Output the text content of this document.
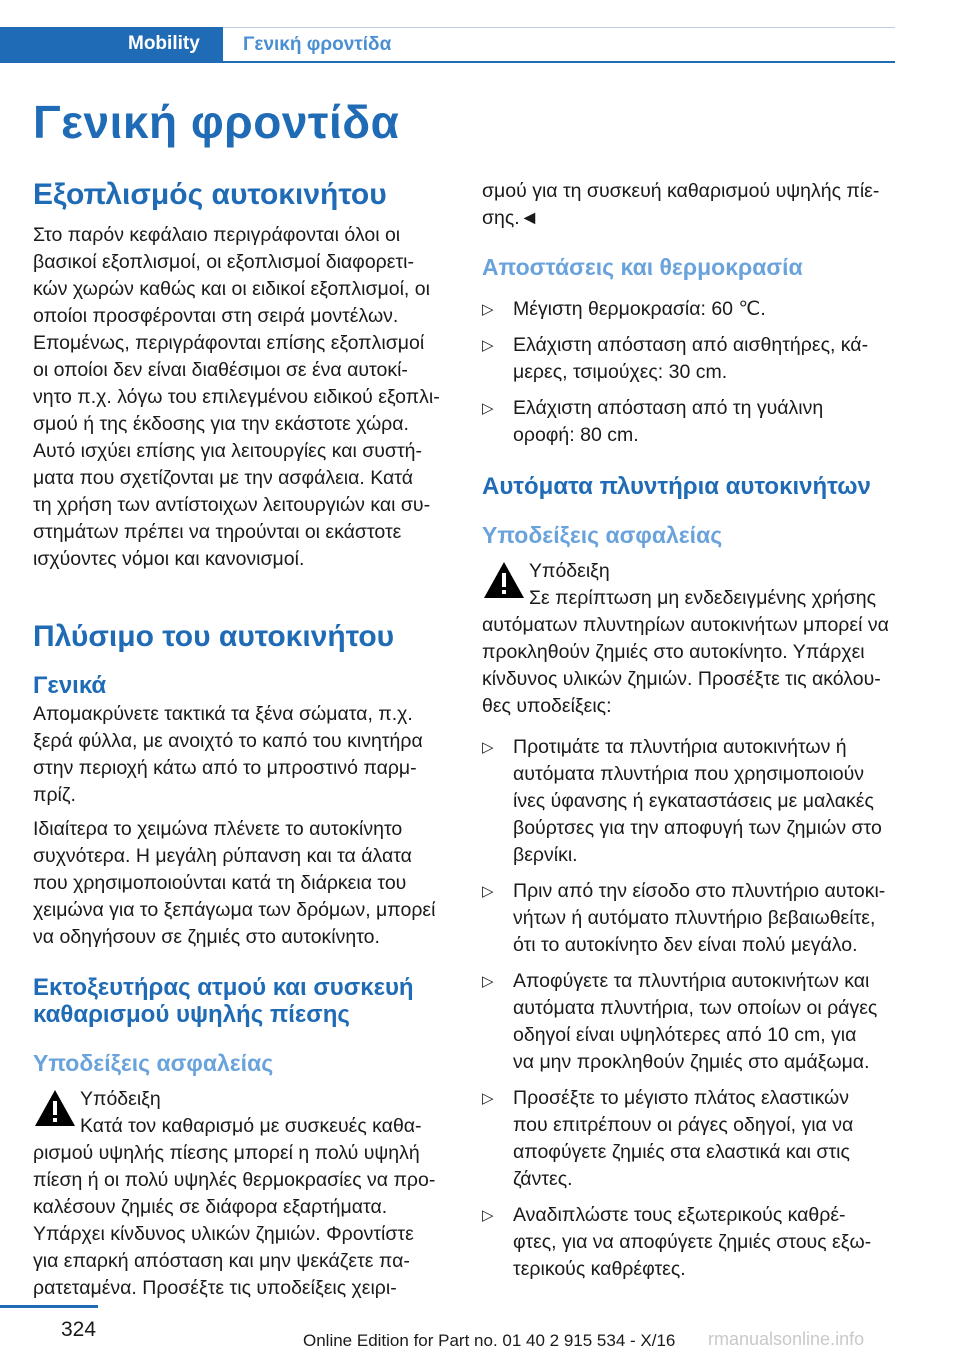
Mobility	Γενική φροντίδα
Γενική φροντίδα
Εξοπλισμός αυτοκινήτου
Στο παρόν κεφάλαιο περιγράφονται όλοι οι
βασικοί εξοπλισμοί, οι εξοπλισμοί διαφορετι‐
κών χωρών καθώς και οι ειδικοί εξοπλισμοί, οι
οποίοι προσφέρονται στη σειρά μοντέλων.
Επομένως, περιγράφονται επίσης εξοπλισμοί
οι οποίοι δεν είναι διαθέσιμοι σε ένα αυτοκί‐
νητο π.χ. λόγω του επιλεγμένου ειδικού εξοπλι‐
σμού ή της έκδοσης για την εκάστοτε χώρα.
Αυτό ισχύει επίσης για λειτουργίες και συστή‐
ματα που σχετίζονται με την ασφάλεια. Κατά
τη χρήση των αντίστοιχων λειτουργιών και συ‐
στημάτων πρέπει να τηρούνται οι εκάστοτε
ισχύοντες νόμοι και κανονισμοί.
Πλύσιμο του αυτοκινήτου
Γενικά
Απομακρύνετε τακτικά τα ξένα σώματα, π.χ.
ξερά φύλλα, με ανοιχτό το καπό του κινητήρα
στην περιοχή κάτω από το μπροστινό παρμ‐
πρίζ.
Ιδιαίτερα το χειμώνα πλένετε το αυτοκίνητο
συχνότερα. Η μεγάλη ρύπανση και τα άλατα
που χρησιμοποιούνται κατά τη διάρκεια του
χειμώνα για το ξεπάγωμα των δρόμων, μπορεί
να οδηγήσουν σε ζημιές στο αυτοκίνητο.
Εκτοξευτήρας ατμού και συσκευή
καθαρισμού υψηλής πίεσης
Υποδείξεις ασφαλείας
Υπόδειξη
Κατά τον καθαρισμό με συσκευές καθα‐
ρισμού υψηλής πίεσης μπορεί η πολύ υψηλή
πίεση ή οι πολύ υψηλές θερμοκρασίες να προ‐
καλέσουν ζημιές σε διάφορα εξαρτήματα.
Υπάρχει κίνδυνος υλικών ζημιών. Φροντίστε
για επαρκή απόσταση και μην ψεκάζετε πα‐
ρατεταμένα. Προσέξτε τις υποδείξεις χειρι‐
σμού για τη συσκευή καθαρισμού υψηλής πίε‐
σης.◄
Αποστάσεις και θερμοκρασία
▷ Μέγιστη θερμοκρασία: 60 ℃.
▷ Ελάχιστη απόσταση από αισθητήρες, κά‐
μερες, τσιμούχες: 30 cm.
▷ Ελάχιστη απόσταση από τη γυάλινη
οροφή: 80 cm.
Αυτόματα πλυντήρια αυτοκινήτων
Υποδείξεις ασφαλείας
Υπόδειξη
Σε περίπτωση μη ενδεδειγμένης χρήσης
αυτόματων πλυντηρίων αυτοκινήτων μπορεί να
προκληθούν ζημιές στο αυτοκίνητο. Υπάρχει
κίνδυνος υλικών ζημιών. Προσέξτε τις ακόλου‐
θες υποδείξεις:
▷ Προτιμάτε τα πλυντήρια αυτοκινήτων ή
αυτόματα πλυντήρια που χρησιμοποιούν
ίνες ύφανσης ή εγκαταστάσεις με μαλακές
βούρτσες για την αποφυγή των ζημιών στο
βερνίκι.
▷ Πριν από την είσοδο στο πλυντήριο αυτοκι‐
νήτων ή αυτόματο πλυντήριο βεβαιωθείτε,
ότι το αυτοκίνητο δεν είναι πολύ μεγάλο.
▷ Αποφύγετε τα πλυντήρια αυτοκινήτων και
αυτόματα πλυντήρια, των οποίων οι ράγες
οδηγοί είναι υψηλότερες από 10 cm, για
να μην προκληθούν ζημιές στο αμάξωμα.
▷ Προσέξτε το μέγιστο πλάτος ελαστικών
που επιτρέπουν οι ράγες οδηγοί, για να
αποφύγετε ζημιές στα ελαστικά και στις
ζάντες.
▷ Αναδιπλώστε τους εξωτερικούς καθρέ‐
φτες, για να αποφύγετε ζημιές στους εξω‐
τερικούς καθρέφτες.
324	Online Edition for Part no. 01 40 2 915 534 - X/16 rmanualsonline.info
